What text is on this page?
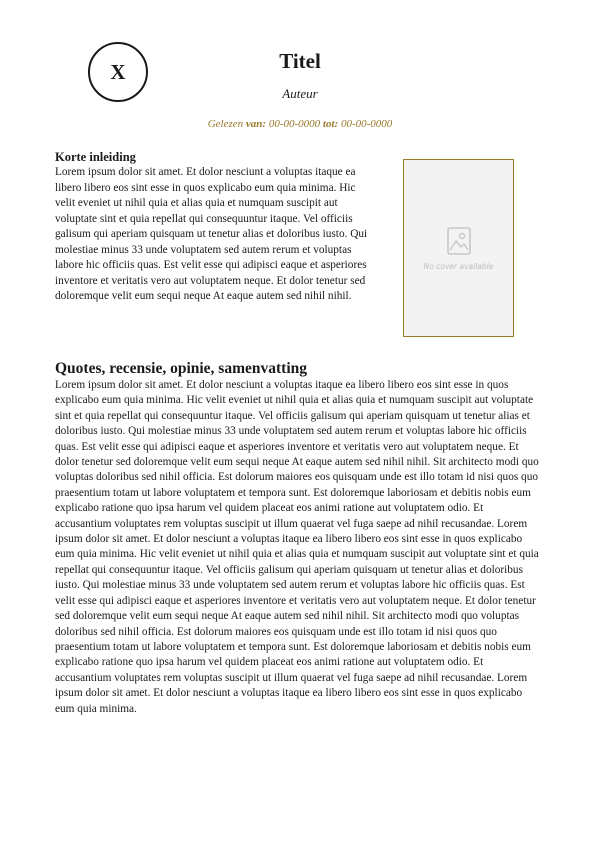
X	Titel
Auteur
Gelezen van: 00-00-0000 tot: 00-00-0000
Korte inleiding
Lorem ipsum dolor sit amet. Et dolor nesciunt a voluptas itaque ea libero libero eos sint esse in quos explicabo eum quia minima. Hic velit eveniet ut nihil quia et alias quia et numquam suscipit aut voluptate sint et quia repellat qui consequuntur itaque. Vel officiis galisum qui aperiam quisquam ut tenetur alias et doloribus iusto. Qui molestiae minus 33 unde voluptatem sed autem rerum et voluptas labore hic officiis quas. Est velit esse qui adipisci eaque et asperiores inventore et veritatis vero aut voluptatem neque. Et dolor tenetur sed doloremque velit eum sequi neque At eaque autem sed nihil nihil.
No cover available
Quotes, recensie, opinie, samenvatting
Lorem ipsum dolor sit amet. Et dolor nesciunt a voluptas itaque ea libero libero eos sint esse in quos explicabo eum quia minima. Hic velit eveniet ut nihil quia et alias quia et numquam suscipit aut voluptate sint et quia repellat qui consequuntur itaque. Vel officiis galisum qui aperiam quisquam ut tenetur alias et doloribus iusto. Qui molestiae minus 33 unde voluptatem sed autem rerum et voluptas labore hic officiis quas. Est velit esse qui adipisci eaque et asperiores inventore et veritatis vero aut voluptatem neque. Et dolor tenetur sed doloremque velit eum sequi neque At eaque autem sed nihil nihil. Sit architecto modi quo voluptas doloribus sed nihil officia. Est dolorum maiores eos quisquam unde est illo totam id nisi quos quo praesentium totam ut labore voluptatem et tempora sunt. Est doloremque laboriosam et debitis nobis eum explicabo ratione quo ipsa harum vel quidem placeat eos animi ratione aut voluptatem odio. Et accusantium voluptates rem voluptas suscipit ut illum quaerat vel fuga saepe ad nihil recusandae. Lorem ipsum dolor sit amet. Et dolor nesciunt a voluptas itaque ea libero libero eos sint esse in quos explicabo eum quia minima. Hic velit eveniet ut nihil quia et alias quia et numquam suscipit aut voluptate sint et quia repellat qui consequuntur itaque. Vel officiis galisum qui aperiam quisquam ut tenetur alias et doloribus iusto. Qui molestiae minus 33 unde voluptatem sed autem rerum et voluptas labore hic officiis quas. Est velit esse qui adipisci eaque et asperiores inventore et veritatis vero aut voluptatem neque. Et dolor tenetur sed doloremque velit eum sequi neque At eaque autem sed nihil nihil. Sit architecto modi quo voluptas doloribus sed nihil officia. Est dolorum maiores eos quisquam unde est illo totam id nisi quos quo praesentium totam ut labore voluptatem et tempora sunt. Est doloremque laboriosam et debitis nobis eum explicabo ratione quo ipsa harum vel quidem placeat eos animi ratione aut voluptatem odio. Et accusantium voluptates rem voluptas suscipit ut illum quaerat vel fuga saepe ad nihil recusandae. Lorem ipsum dolor sit amet. Et dolor nesciunt a voluptas itaque ea libero libero eos sint esse in quos explicabo eum quia minima.
